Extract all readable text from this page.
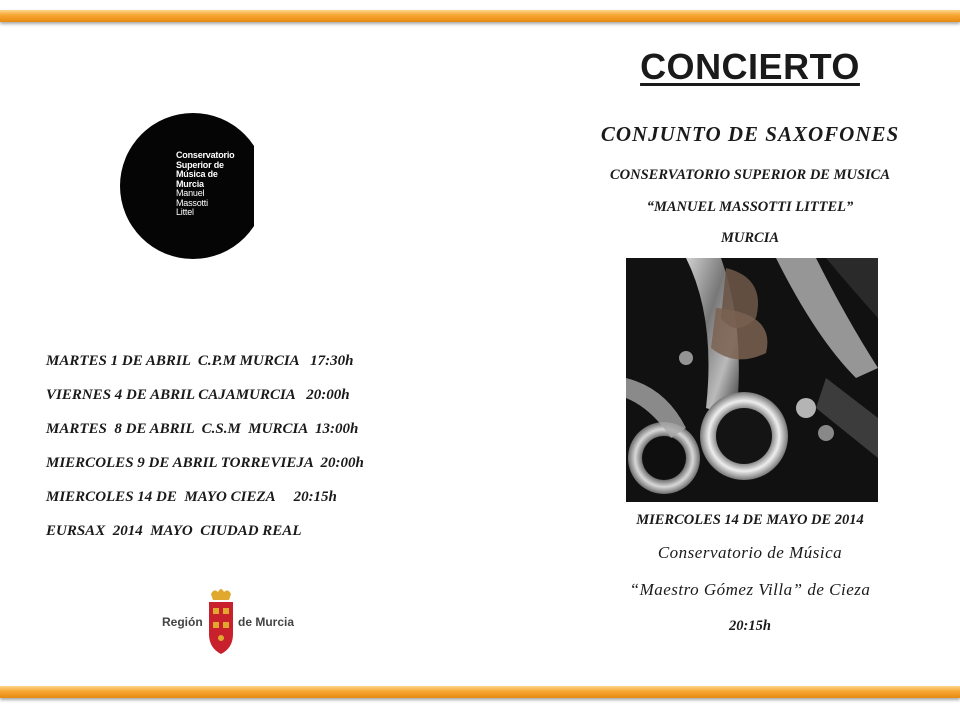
CONCIERTO
CONJUNTO DE SAXOFONES
CONSERVATORIO SUPERIOR DE MUSICA
“MANUEL MASSOTTI LITTEL”
MURCIA
Conservatorio
Superior de
Música de
Murcia
Manuel
Massotti
Littel
MARTES 1 DE ABRIL  C.P.M MURCIA   17:30h
VIERNES 4 DE ABRIL CAJAMURCIA   20:00h
MARTES  8 DE ABRIL  C.S.M  MURCIA  13:00h
MIERCOLES 9 DE ABRIL TORREVIEJA  20:00h
MIERCOLES 14 DE  MAYO CIEZA     20:15h
EURSAX  2014  MAYO  CIUDAD REAL
MIERCOLES 14 DE MAYO DE 2014
Conservatorio de Música
“Maestro Gómez Villa” de Cieza
20:15h
Región	de Murcia
